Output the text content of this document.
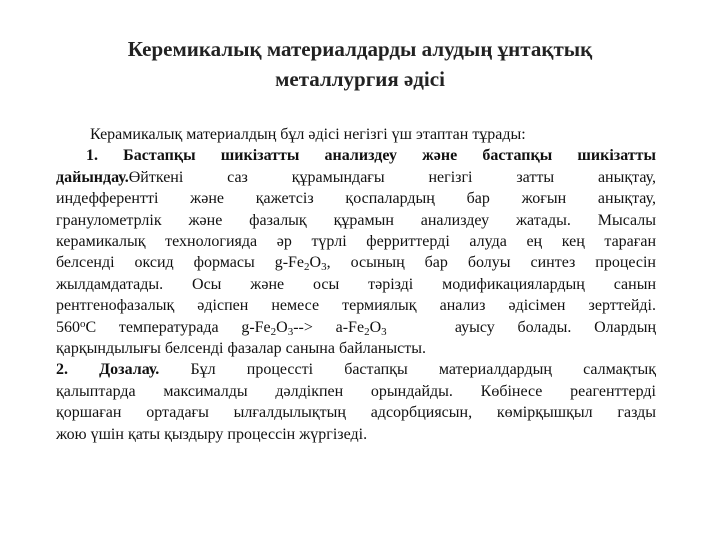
Керемикалық материалдарды алудың ұнтақтық
металлургия әдісі
Керамикалық материалдың бұл әдісі негізгі үш этаптан тұрады:
1. Бастапқы шикізатты анализдеу және бастапқы шикізатты
дайындау.Өйткені саз құрамындағы негізгі затты анықтау,
индефферентті және қажетсіз қоспалардың бар жоғын анықтау,
гранулометрлік және фазалық құрамын анализдеу жатады. Мысалы
керамикалық технологияда әр түрлі ферриттерді алуда ең кең тараған
белсенді оксид формасы $g-Fe_2O_3$, осының бар болуы синтез процесін
жылдамдатады. Осы және осы тәрізді модификациялардың санын
рентгенофазалық әдіспен немесе термиялық анализ әдісімен зерттейді.
$560^оС$ температурада $g-Fe_2O_3--> a-Fe_2O_3$	ауысу болады. Олардың
қарқындылығы белсенді фазалар санына байланысты.
2. Дозалау. Бұл процессті бастапқы материалдардың салмақтық
қалыптарда максималды дәлдікпен орындайды. Көбінесе реагенттерді
қоршаған ортадағы ылғалдылықтың адсорбциясын, көмірқышқыл газды
жою үшін қаты қыздыру процессін жүргізеді.
